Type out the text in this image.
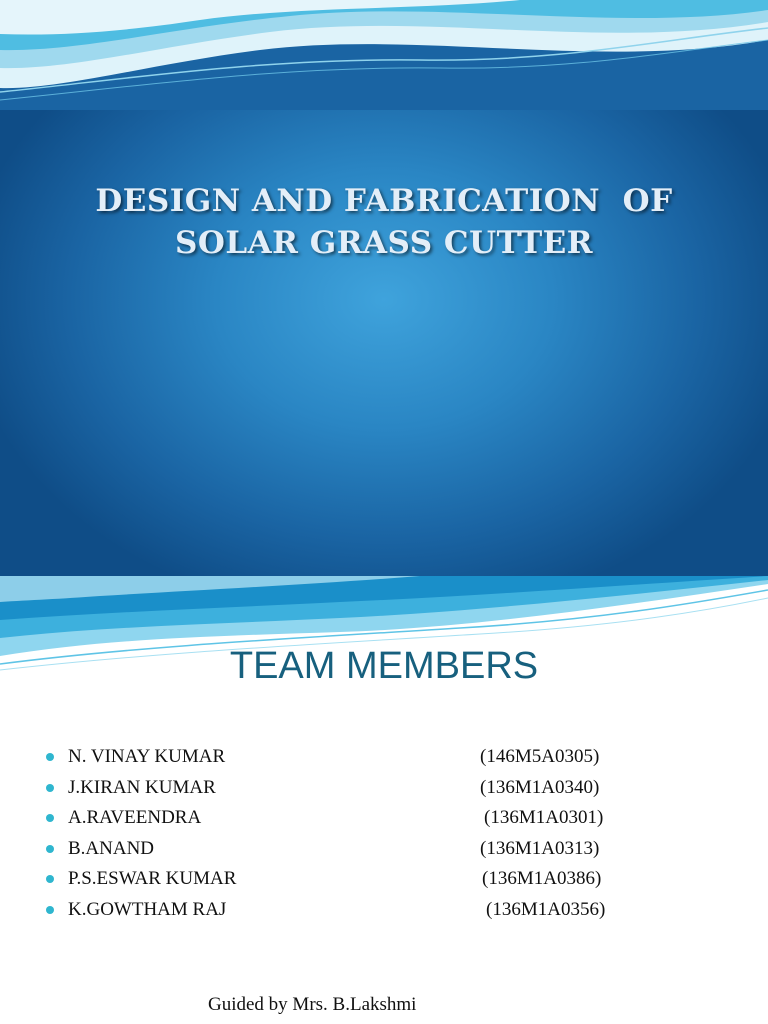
DESIGN AND FABRICATION  OF
SOLAR GRASS CUTTER
TEAM MEMBERS
N. VINAY KUMAR	(146M5A0305)
J.KIRAN KUMAR	(136M1A0340)
A.RAVEENDRA	(136M1A0301)
B.ANAND	(136M1A0313)
P.S.ESWAR KUMAR	(136M1A0386)
K.GOWTHAM RAJ	(136M1A0356)
Guided by Mrs. B.Lakshmi
